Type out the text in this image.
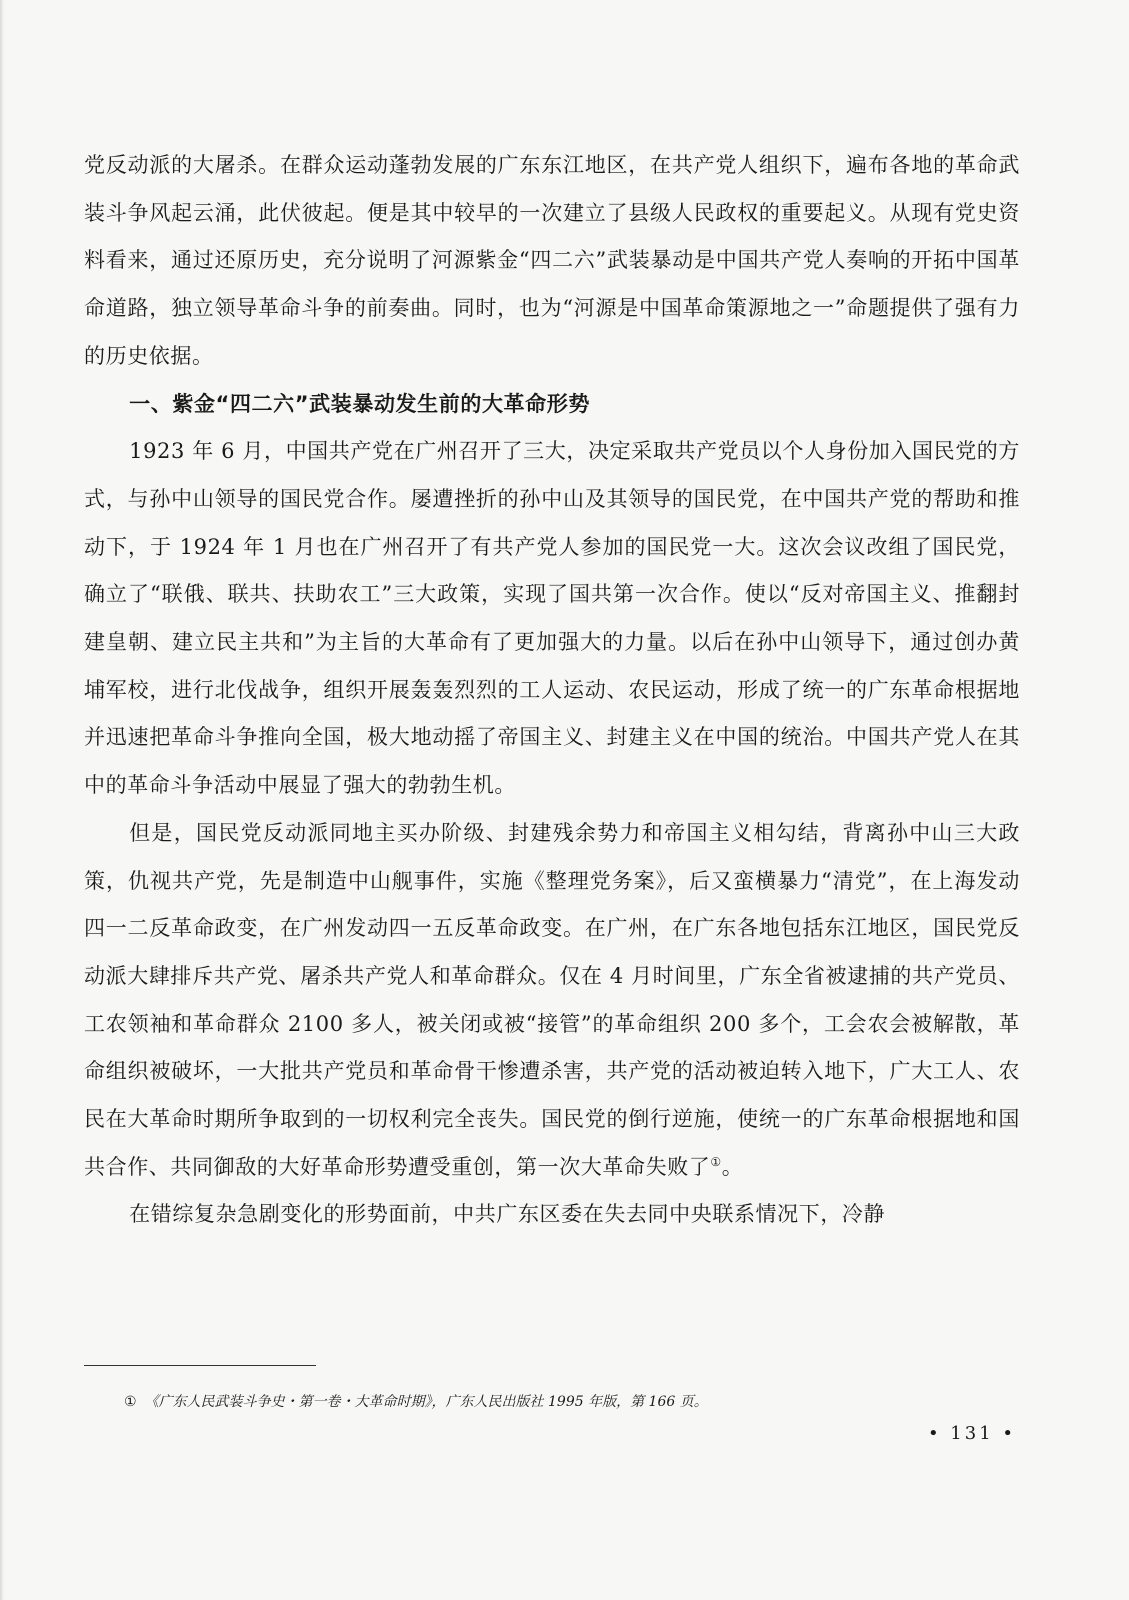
党反动派的大屠杀。在群众运动蓬勃发展的广东东江地区，在共产党人组织下，遍布各地的革命武装斗争风起云涌，此伏彼起。便是其中较早的一次建立了县级人民政权的重要起义。从现有党史资料看来，通过还原历史，充分说明了河源紫金“四二六”武装暴动是中国共产党人奏响的开拓中国革命道路，独立领导革命斗争的前奏曲。同时，也为“河源是中国革命策源地之一”命题提供了强有力的历史依据。

一、紫金“四二六”武装暴动发生前的大革命形势

1923 年 6 月，中国共产党在广州召开了三大，决定采取共产党员以个人身份加入国民党的方式，与孙中山领导的国民党合作。屡遭挫折的孙中山及其领导的国民党，在中国共产党的帮助和推动下，于 1924 年 1 月也在广州召开了有共产党人参加的国民党一大。这次会议改组了国民党，确立了“联俄、联共、扶助农工”三大政策，实现了国共第一次合作。使以“反对帝国主义、推翻封建皇朝、建立民主共和”为主旨的大革命有了更加强大的力量。以后在孙中山领导下，通过创办黄埔军校，进行北伐战争，组织开展轰轰烈烈的工人运动、农民运动，形成了统一的广东革命根据地并迅速把革命斗争推向全国，极大地动摇了帝国主义、封建主义在中国的统治。中国共产党人在其中的革命斗争活动中展显了强大的勃勃生机。

但是，国民党反动派同地主买办阶级、封建残余势力和帝国主义相勾结，背离孙中山三大政策，仇视共产党，先是制造中山舰事件，实施《整理党务案》，后又蛮横暴力“清党”，在上海发动四一二反革命政变，在广州发动四一五反革命政变。在广州，在广东各地包括东江地区，国民党反动派大肆排斥共产党、屠杀共产党人和革命群众。仅在 4 月时间里，广东全省被逮捕的共产党员、工农领袖和革命群众 2100 多人，被关闭或被“接管”的革命组织 200 多个，工会农会被解散，革命组织被破坏，一大批共产党员和革命骨干惨遭杀害，共产党的活动被迫转入地下，广大工人、农民在大革命时期所争取到的一切权利完全丧失。国民党的倒行逆施，使统一的广东革命根据地和国共合作、共同御敌的大好革命形势遭受重创，第一次大革命失败了①。

在错综复杂急剧变化的形势面前，中共广东区委在失去同中央联系情况下，冷静

① 《广东人民武装斗争史・第一卷・大革命时期》，广东人民出版社 1995 年版，第 166 页。
• 131 •
